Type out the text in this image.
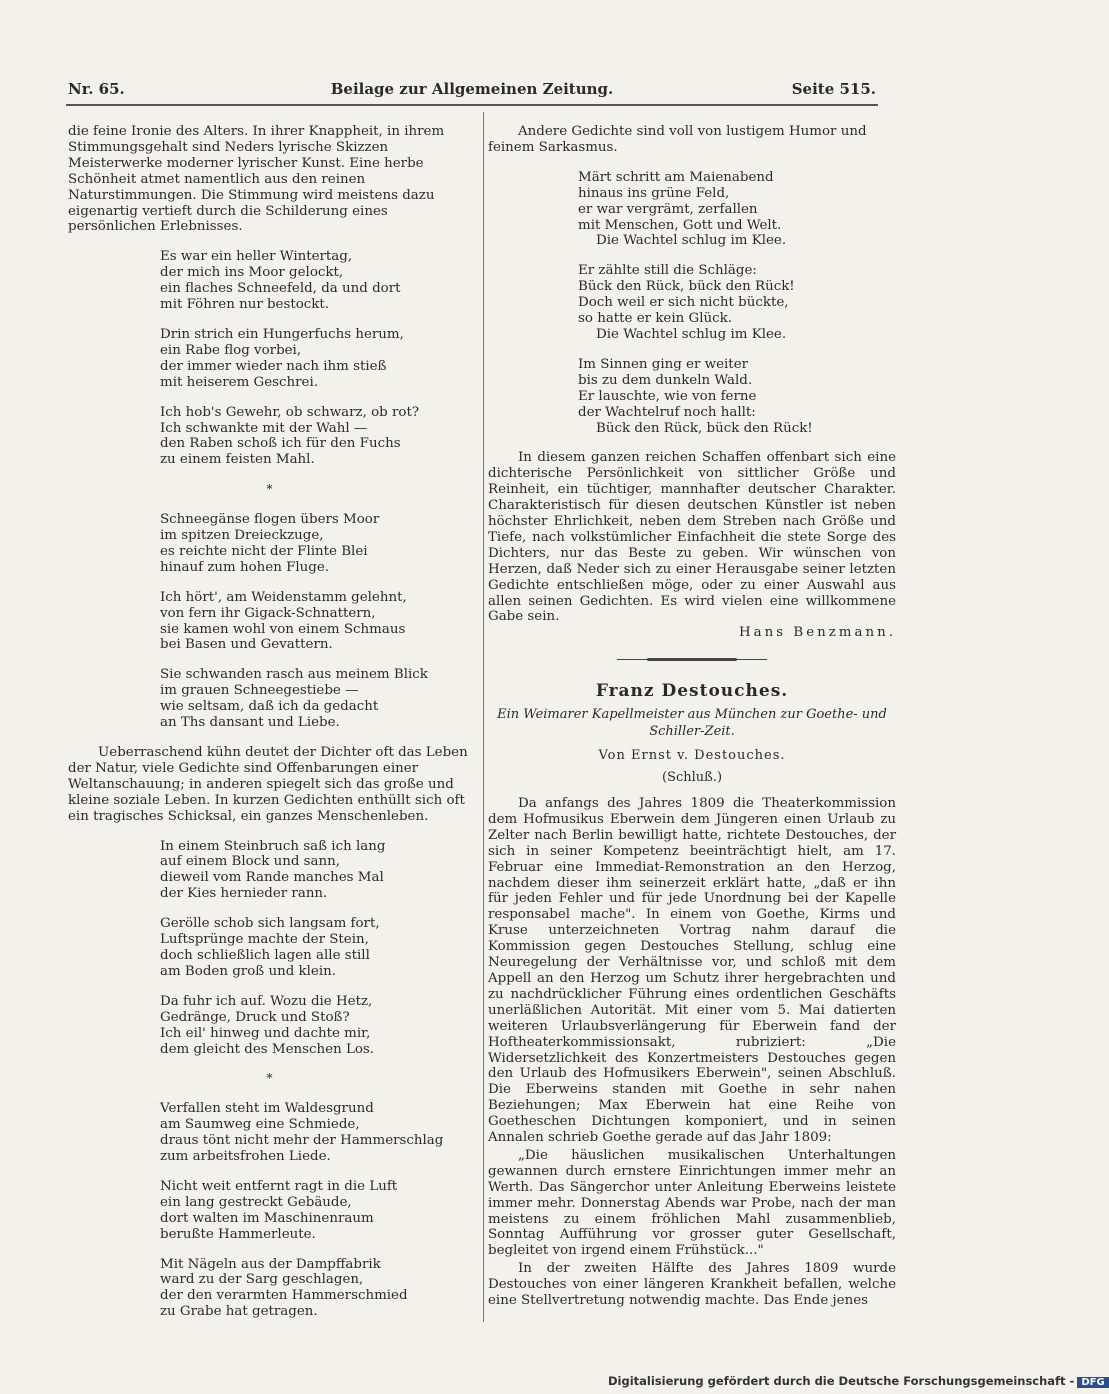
Nr. 65.	Beilage zur Allgemeinen Zeitung.	Seite 515.

die feine Ironie des Alters. In ihrer Knappheit, in ihrem Stimmungsgehalt sind Neders lyrische Skizzen Meisterwerke moderner lyrischer Kunst. Eine herbe Schönheit atmet namentlich aus den reinen Naturstimmungen. Die Stimmung wird meistens dazu eigenartig vertieft durch die Schilderung eines persönlichen Erlebnisses.

Es war ein heller Wintertag,
der mich ins Moor gelockt,
ein flaches Schneefeld, da und dort
mit Föhren nur bestockt.
Drin strich ein Hungerfuchs herum,
ein Rabe flog vorbei,
der immer wieder nach ihm stieß
mit heiserem Geschrei.
Ich hob's Gewehr, ob schwarz, ob rot?
Ich schwankte mit der Wahl —
den Raben schoß ich für den Fuchs
zu einem feisten Mahl.
*
Schneegänse flogen übers Moor
im spitzen Dreieckzuge,
es reichte nicht der Flinte Blei
hinauf zum hohen Fluge.
Ich hört', am Weidenstamm gelehnt,
von fern ihr Gigack-Schnattern,
sie kamen wohl von einem Schmaus
bei Basen und Gevattern.
Sie schwanden rasch aus meinem Blick
im grauen Schneegestiebe —
wie seltsam, daß ich da gedacht
an Ths dansant und Liebe.

Ueberraschend kühn deutet der Dichter oft das Leben der Natur, viele Gedichte sind Offenbarungen einer Weltanschauung; in anderen spiegelt sich das große und kleine soziale Leben. In kurzen Gedichten enthüllt sich oft ein tragisches Schicksal, ein ganzes Menschenleben.

In einem Steinbruch saß ich lang
auf einem Block und sann,
dieweil vom Rande manches Mal
der Kies hernieder rann.
Gerölle schob sich langsam fort,
Luftsprünge machte der Stein,
doch schließlich lagen alle still
am Boden groß und klein.
Da fuhr ich auf. Wozu die Hetz,
Gedränge, Druck und Stoß?
Ich eil' hinweg und dachte mir,
dem gleicht des Menschen Los.
*
Verfallen steht im Waldesgrund
am Saumweg eine Schmiede,
draus tönt nicht mehr der Hammerschlag
zum arbeitsfrohen Liede.
Nicht weit entfernt ragt in die Luft
ein lang gestreckt Gebäude,
dort walten im Maschinenraum
berußte Hammerleute.
Mit Nägeln aus der Dampffabrik
ward zu der Sarg geschlagen,
der den verarmten Hammerschmied
zu Grabe hat getragen.

Andere Gedichte sind voll von lustigem Humor und feinem Sarkasmus.

Märt schritt am Maienabend
hinaus ins grüne Feld,
er war vergrämt, zerfallen
mit Menschen, Gott und Welt.
Die Wachtel schlug im Klee.
Er zählte still die Schläge:
Bück den Rück, bück den Rück!
Doch weil er sich nicht bückte,
so hatte er kein Glück.
Die Wachtel schlug im Klee.
Im Sinnen ging er weiter
bis zu dem dunkeln Wald.
Er lauschte, wie von ferne
der Wachtelruf noch hallt:
Bück den Rück, bück den Rück!

In diesem ganzen reichen Schaffen offenbart sich eine dichterische Persönlichkeit von sittlicher Größe und Reinheit, ein tüchtiger, mannhafter deutscher Charakter. Charakteristisch für diesen deutschen Künstler ist neben höchster Ehrlichkeit, neben dem Streben nach Größe und Tiefe, nach volkstümlicher Einfachheit die stete Sorge des Dichters, nur das Beste zu geben. Wir wünschen von Herzen, daß Neder sich zu einer Herausgabe seiner letzten Gedichte entschließen möge, oder zu einer Auswahl aus allen seinen Gedichten. Es wird vielen eine willkommene Gabe sein.

Hans Benzmann.
Franz Destouches.
Ein Weimarer Kapellmeister aus München zur Goethe- und Schiller-Zeit.
Von Ernst v. Destouches.
(Schluß.)

Da anfangs des Jahres 1809 die Theaterkommission dem Hofmusikus Eberwein dem Jüngeren einen Urlaub zu Zelter nach Berlin bewilligt hatte, richtete Destouches, der sich in seiner Kompetenz beeinträchtigt hielt, am 17. Februar eine Immediat-Remonstration an den Herzog, nachdem dieser ihm seinerzeit erklärt hatte, „daß er ihn für jeden Fehler und für jede Unordnung bei der Kapelle responsabel mache". In einem von Goethe, Kirms und Kruse unterzeichneten Vortrag nahm darauf die Kommission gegen Destouches Stellung, schlug eine Neuregelung der Verhältnisse vor, und schloß mit dem Appell an den Herzog um Schutz ihrer hergebrachten und zu nachdrücklicher Führung eines ordentlichen Geschäfts unerläßlichen Autorität. Mit einer vom 5. Mai datierten weiteren Urlaubsverlängerung für Eberwein fand der Hoftheaterkommissionsakt, rubriziert: „Die Widersetzlichkeit des Konzertmeisters Destouches gegen den Urlaub des Hofmusikers Eberwein", seinen Abschluß. Die Eberweins standen mit Goethe in sehr nahen Beziehungen; Max Eberwein hat eine Reihe von Goetheschen Dichtungen komponiert, und in seinen Annalen schrieb Goethe gerade auf das Jahr 1809:

„Die häuslichen musikalischen Unterhaltungen gewannen durch ernstere Einrichtungen immer mehr an Werth. Das Sängerchor unter Anleitung Eberweins leistete immer mehr. Donnerstag Abends war Probe, nach der man meistens zu einem fröhlichen Mahl zusammenblieb, Sonntag Aufführung vor grosser guter Gesellschaft, begleitet von irgend einem Frühstück..."

In der zweiten Hälfte des Jahres 1809 wurde Destouches von einer längeren Krankheit befallen, welche eine Stellvertretung notwendig machte. Das Ende jenes

Digitalisierung gefördert durch die Deutsche Forschungsgemeinschaft - DFG
